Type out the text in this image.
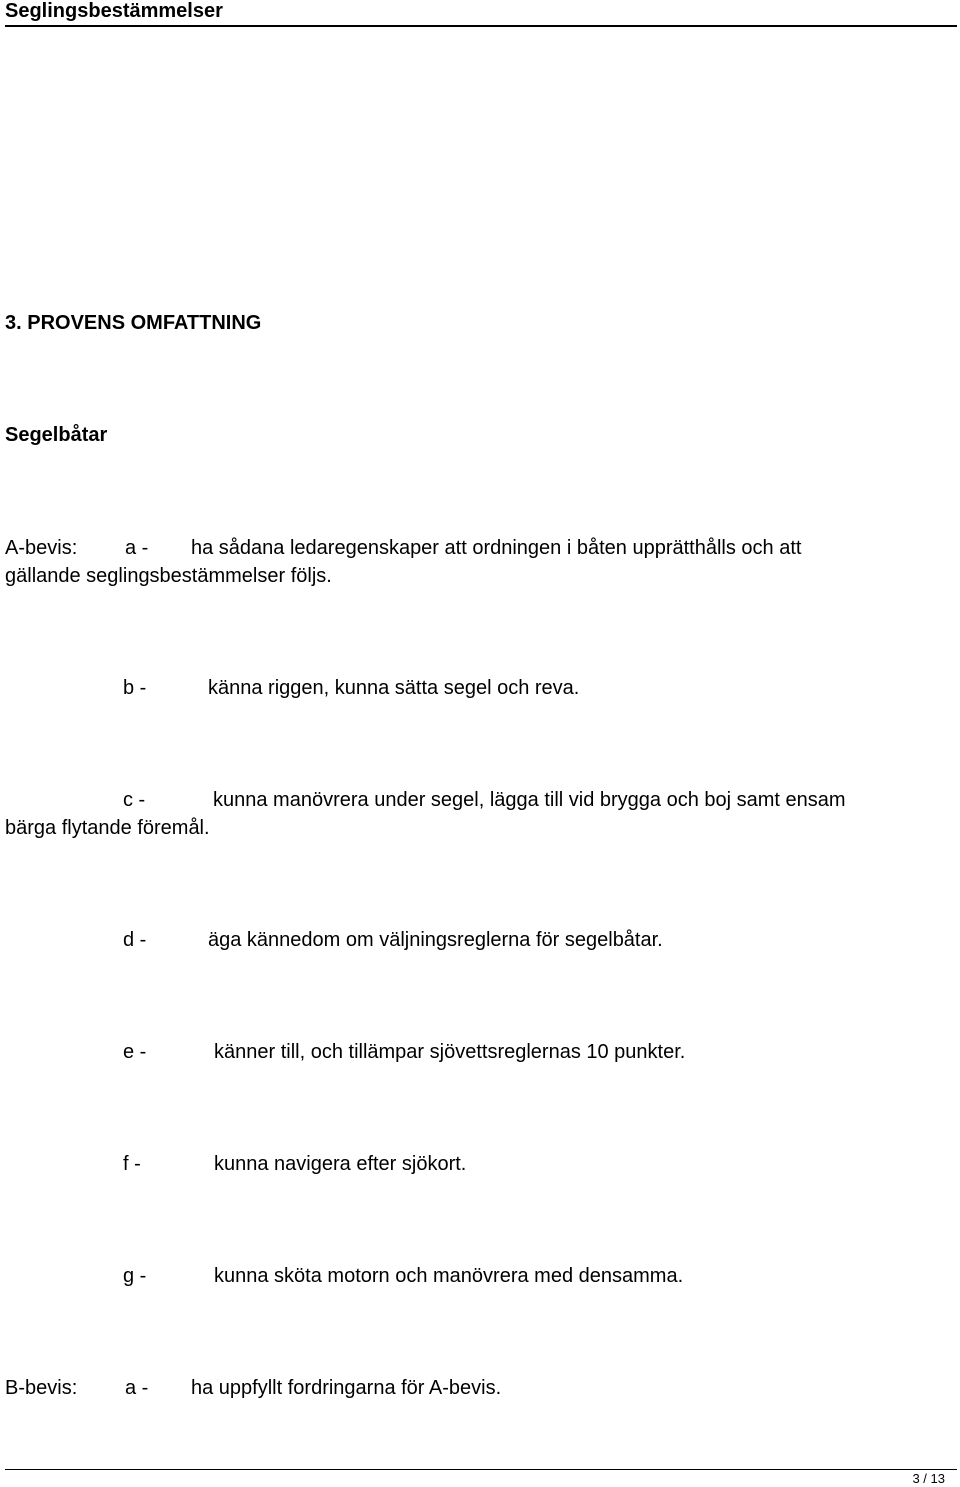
Seglingsbestämmelser
3. PROVENS OMFATTNING
Segelbåtar
A-bevis: a - ha sådana ledaregenskaper att ordningen i båten upprätthålls och att
gällande seglingsbestämmelser följs.
b -	känna riggen, kunna sätta segel och reva.
c -	kunna manövrera under segel, lägga till vid brygga och boj samt ensam
bärga flytande föremål.
d -	äga kännedom om väljningsreglerna för segelbåtar.
e -	känner till, och tillämpar sjövettsreglernas 10 punkter.
f -	kunna navigera efter sjökort.
g -	kunna sköta motorn och manövrera med densamma.
B-bevis: a - ha uppfyllt fordringarna för A-bevis.
3 / 13
